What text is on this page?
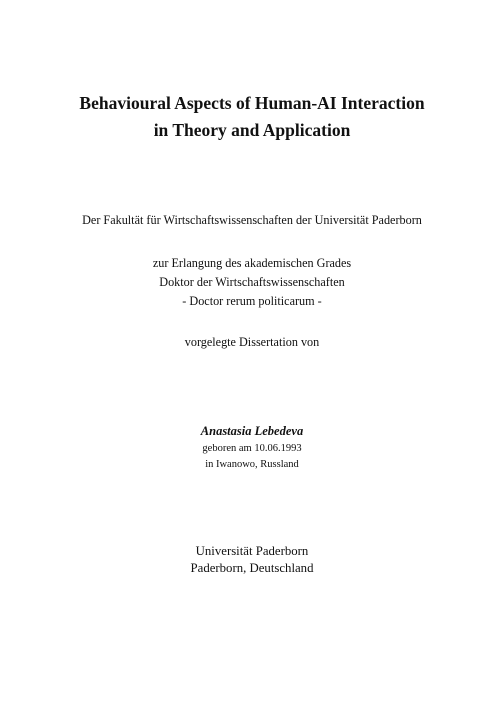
Behavioural Aspects of Human-AI Interaction
in Theory and Application
Der Fakultät für Wirtschaftswissenschaften der Universität Paderborn
zur Erlangung des akademischen Grades
Doktor der Wirtschaftswissenschaften
- Doctor rerum politicarum -
vorgelegte Dissertation von
Anastasia Lebedeva
geboren am 10.06.1993
in Iwanowo, Russland
Universität Paderborn
Paderborn, Deutschland
